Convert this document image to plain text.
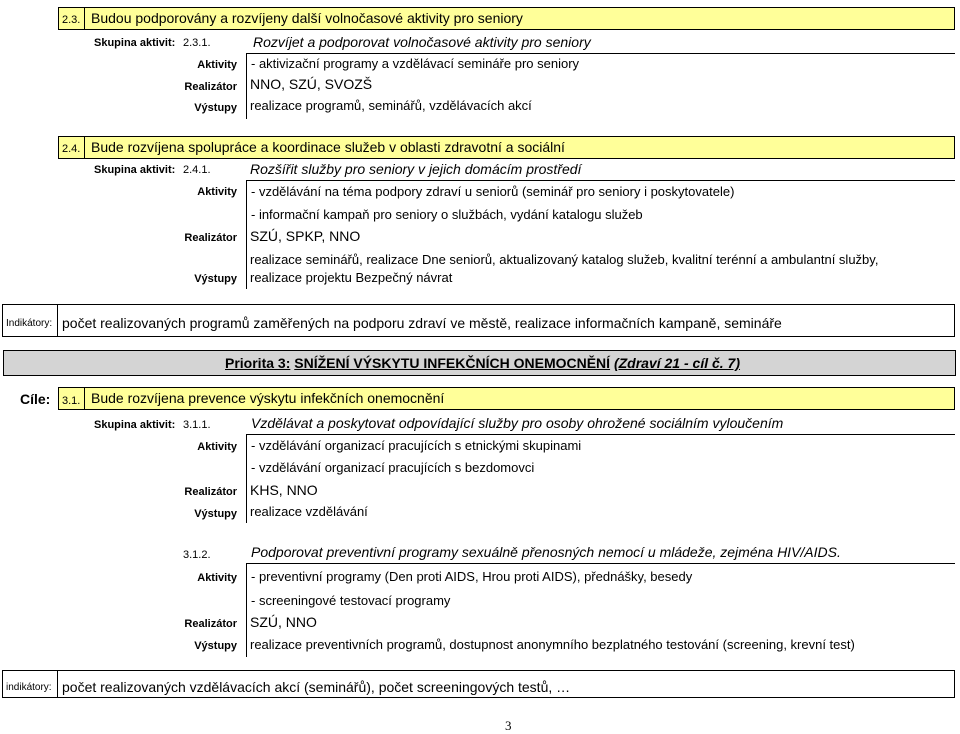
2.3. Budou podporovány a rozvíjeny další volnočasové aktivity pro seniory
Skupina aktivit: 2.3.1.	Rozvíjet a podporovat volnočasové aktivity pro seniory
Aktivity - aktivizační programy a vzdělávací semináře pro seniory
Realizátor NNO, SZÚ, SVOZŠ
Výstupy realizace programů, seminářů, vzdělávacích akcí
2.4. Bude rozvíjena spolupráce a koordinace služeb v oblasti zdravotní a sociální
Skupina aktivit: 2.4.1.	Rozšířit služby pro seniory v jejich domácím prostředí
Aktivity - vzdělávání na téma podpory zdraví u seniorů (seminář pro seniory i poskytovatele)
- informační kampaň pro seniory o službách, vydání katalogu služeb
Realizátor SZÚ, SPKP, NNO
realizace seminářů, realizace Dne seniorů, aktualizovaný katalog služeb, kvalitní terénní a ambulantní služby,
Výstupy realizace projektu Bezpečný návrat
Indikátory: počet realizovaných programů zaměřených na podporu zdraví ve městě, realizace informačních kampaně, semináře
Priorita 3: SNÍŽENÍ VÝSKYTU INFEKČNÍCH ONEMOCNĚNÍ (Zdraví 21 - cíl č. 7)
Cíle: 3.1. Bude rozvíjena prevence výskytu infekčních onemocnění
Skupina aktivit: 3.1.1.	Vzdělávat a poskytovat odpovídající služby pro osoby ohrožené sociálním vyloučením
Aktivity - vzdělávání organizací pracujících s etnickými skupinami
- vzdělávání organizací pracujících s bezdomovci
Realizátor KHS, NNO
Výstupy realizace vzdělávání
3.1.2.	Podporovat preventivní programy sexuálně přenosných nemocí u mládeže, zejména HIV/AIDS.
Aktivity - preventivní programy (Den proti AIDS, Hrou proti AIDS), přednášky, besedy
- screeningové testovací programy
Realizátor SZÚ, NNO
Výstupy realizace preventivních programů, dostupnost anonymního bezplatného testování (screening, krevní test)
indikátory: počet realizovaných vzdělávacích akcí (seminářů), počet screeningových testů, …
3
